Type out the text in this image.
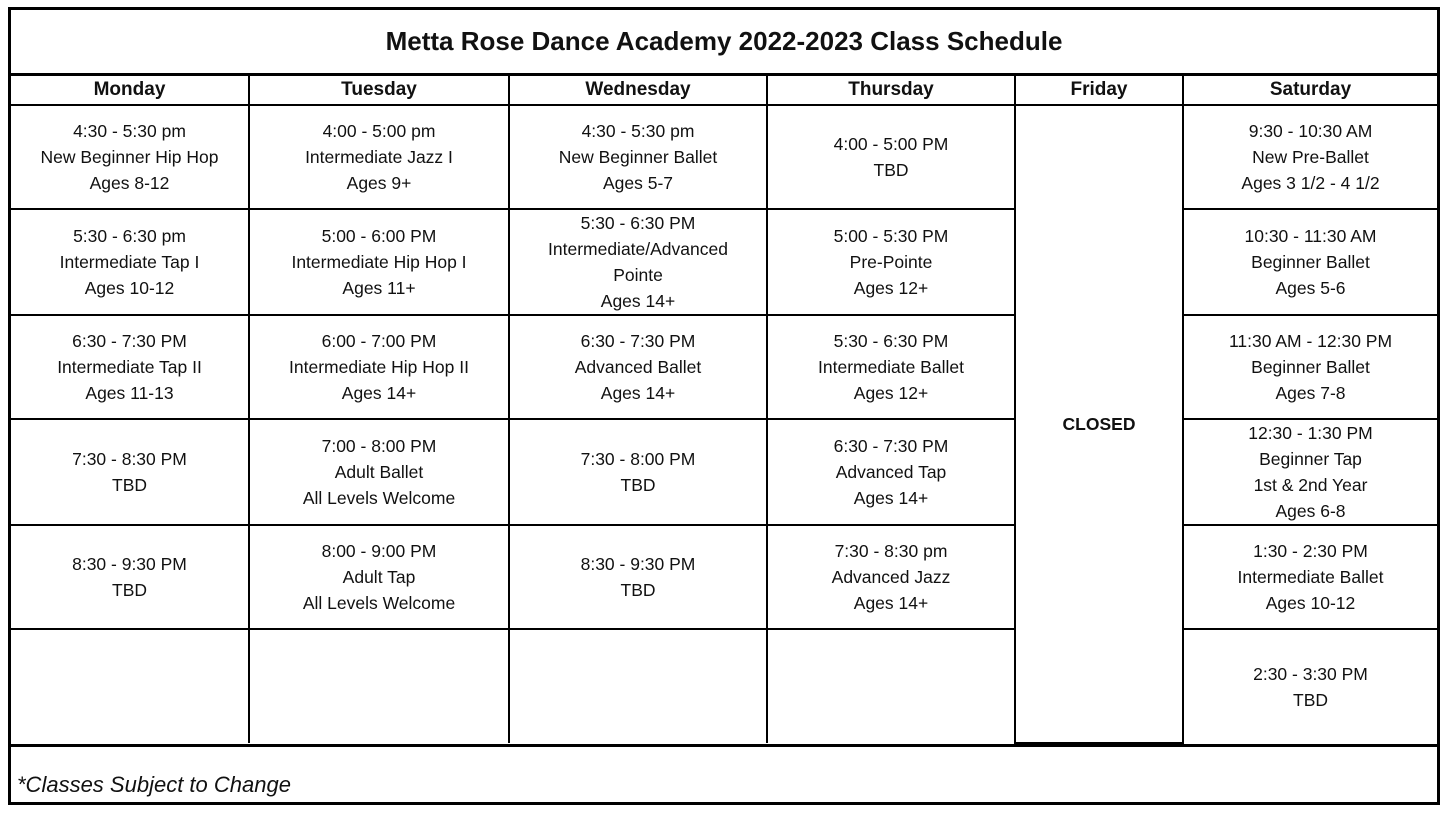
Metta Rose Dance Academy 2022-2023 Class Schedule
Monday	Tuesday	Wednesday	Thursday	Friday	Saturday

4:30 - 5:30 pm
New Beginner Hip Hop
Ages 8-12	4:00 - 5:00 pm
Intermediate Jazz I
Ages 9+	4:30 - 5:30 pm
New Beginner Ballet
Ages 5-7	4:00 - 5:00 PM
TBD	CLOSED	9:30 - 10:30 AM
New Pre-Ballet
Ages 3 1/2 - 4 1/2

5:30 - 6:30 pm
Intermediate Tap I
Ages 10-12	5:00 - 6:00 PM
Intermediate Hip Hop I
Ages 11+	5:30 - 6:30 PM
Intermediate/Advanced
Pointe
Ages 14+	5:00 - 5:30 PM
Pre-Pointe
Ages 12+		10:30 - 11:30 AM
Beginner Ballet
Ages 5-6

6:30 - 7:30 PM
Intermediate Tap II
Ages 11-13	6:00 - 7:00 PM
Intermediate Hip Hop II
Ages 14+	6:30 - 7:30 PM
Advanced Ballet
Ages 14+	5:30 - 6:30 PM
Intermediate Ballet
Ages 12+		11:30 AM - 12:30 PM
Beginner Ballet
Ages 7-8

7:30 - 8:30 PM
TBD	7:00 - 8:00 PM
Adult Ballet
All Levels Welcome	7:30 - 8:00 PM
TBD	6:30 - 7:30 PM
Advanced Tap
Ages 14+		12:30 - 1:30 PM
Beginner Tap
1st & 2nd Year
Ages 6-8

8:30 - 9:30 PM
TBD	8:00 - 9:00 PM
Adult Tap
All Levels Welcome	8:30 - 9:30 PM
TBD	7:30 - 8:30 pm
Advanced Jazz
Ages 14+		1:30 - 2:30 PM
Intermediate Ballet
Ages 10-12

					2:30 - 3:30 PM
TBD
*Classes Subject to Change
